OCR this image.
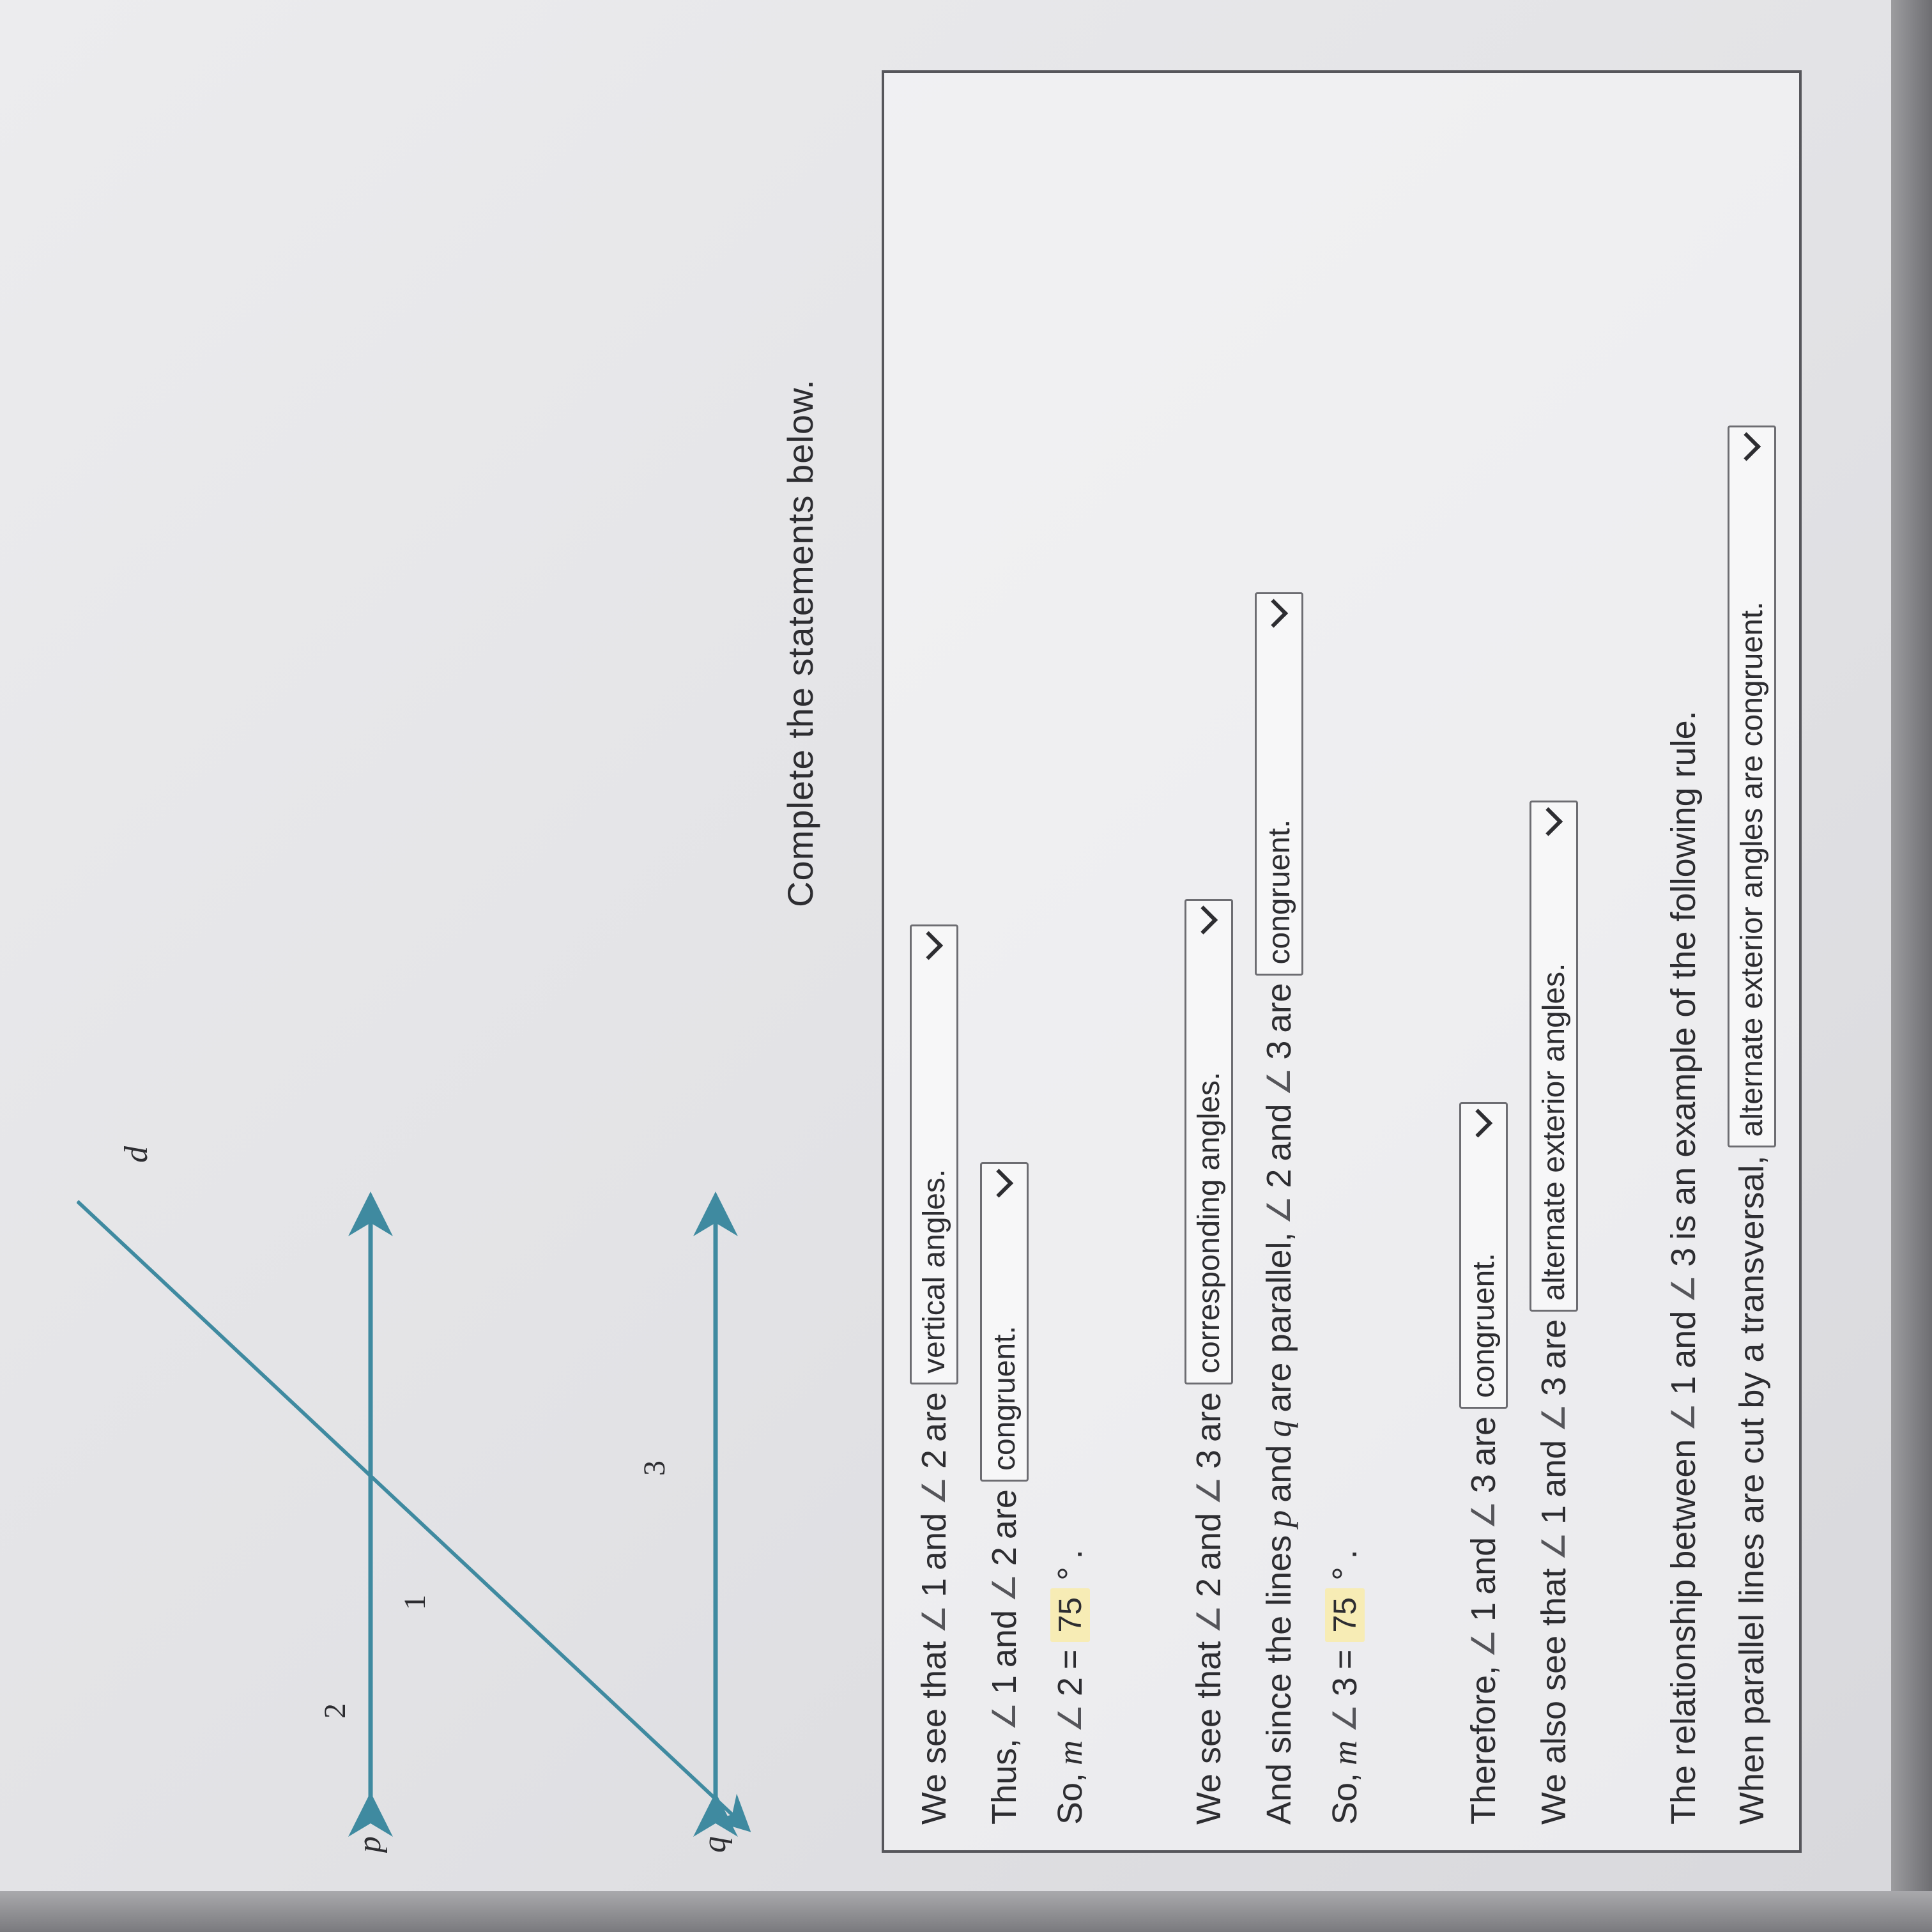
p	q
d
2
1
3
Complete the statements below.
We see that
∠
1
and
∠
2
are
vertical angles.
Thus,
∠
1
and
∠
2
are
congruent.
So,
m
∠
2
=
75
°
.
We see that
∠
2
and
∠
3
are
corresponding angles.
And since the lines
p
and
q
are parallel,
∠
2
and
∠
3
are
congruent.
So,
m
∠
3
=
75
°
.
Therefore,
∠
1
and
∠
3
are
congruent.
We also see that
∠
1
and
∠
3
are
alternate exterior angles.
The relationship between
∠
1
and
∠
3
is an example of the following rule.
When parallel lines are cut by a transversal,
alternate exterior angles are congruent.
